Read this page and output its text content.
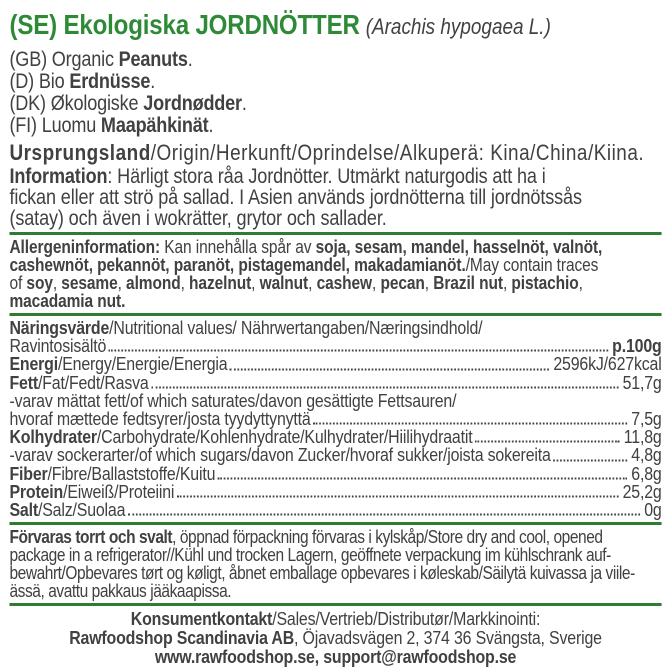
(SE) Ekologiska JORDNÖTTER (Arachis hypogaea L.)
(GB) Organic Peanuts.
(D) Bio Erdnüsse.
(DK) Økologiske Jordnødder.
(FI) Luomu Maapähkinät.
Ursprungsland/Origin/Herkunft/Oprindelse/Alkuperä: Kina/China/Kiina.
Information: Härligt stora råa Jordnötter. Utmärkt naturgodis att ha i
fickan eller att strö på sallad. I Asien används jordnötterna till jordnötssås
(satay) och även i wokrätter, grytor och sallader.
Allergeninformation: Kan innehålla spår av soja, sesam, mandel, hasselnöt, valnöt,
cashewnöt, pekannöt, paranöt, pistagemandel, makadamianöt./May contain traces
of soy, sesame, almond, hazelnut, walnut, cashew, pecan, Brazil nut, pistachio,
macadamia nut.
Näringsvärde /Nutritional values/ Nährwertangaben/Næringsindhold/
Ravintosisältö	p.100g
Energi /Energy/Energie/Energia	2596kJ/627kcal
Fett /Fat/Fedt/Rasva	51,7g
-varav mättat fett/of which saturates/davon gesättigte Fettsauren/
hvoraf mættede fedtsyrer/josta tyydyttynyttä	7,5g
Kolhydrater /Carbohydrate/Kohlenhydrate/Kulhydrater/Hiilihydraatit	11,8g
-varav sockerarter/of which sugars/davon Zucker/hvoraf sukker/joista sokereita	4,8g
Fiber /Fibre/Ballaststoffe/Kuitu	6,8g
Protein /Eiweiß/Proteiini	25,2g
Salt /Salz/Suolaa	0g
Förvaras torrt och svalt, öppnad förpackning förvaras i kylskåp/Store dry and cool, opened
package in a refrigerator//Kühl und trocken Lagern, geöffnete verpackung im kühlschrank auf-
bewahrt/Opbevares tørt og køligt, åbnet emballage opbevares i køleskab/Säilytä kuivassa ja viile-
ässä, avattu pakkaus jääkaapissa.
Konsumentkontakt/Sales/Vertrieb/Distributør/Markkinointi:
Rawfoodshop Scandinavia AB, Öjavadsvägen 2, 374 36 Svängsta, Sverige
www.rawfoodshop.se, support@rawfoodshop.se
